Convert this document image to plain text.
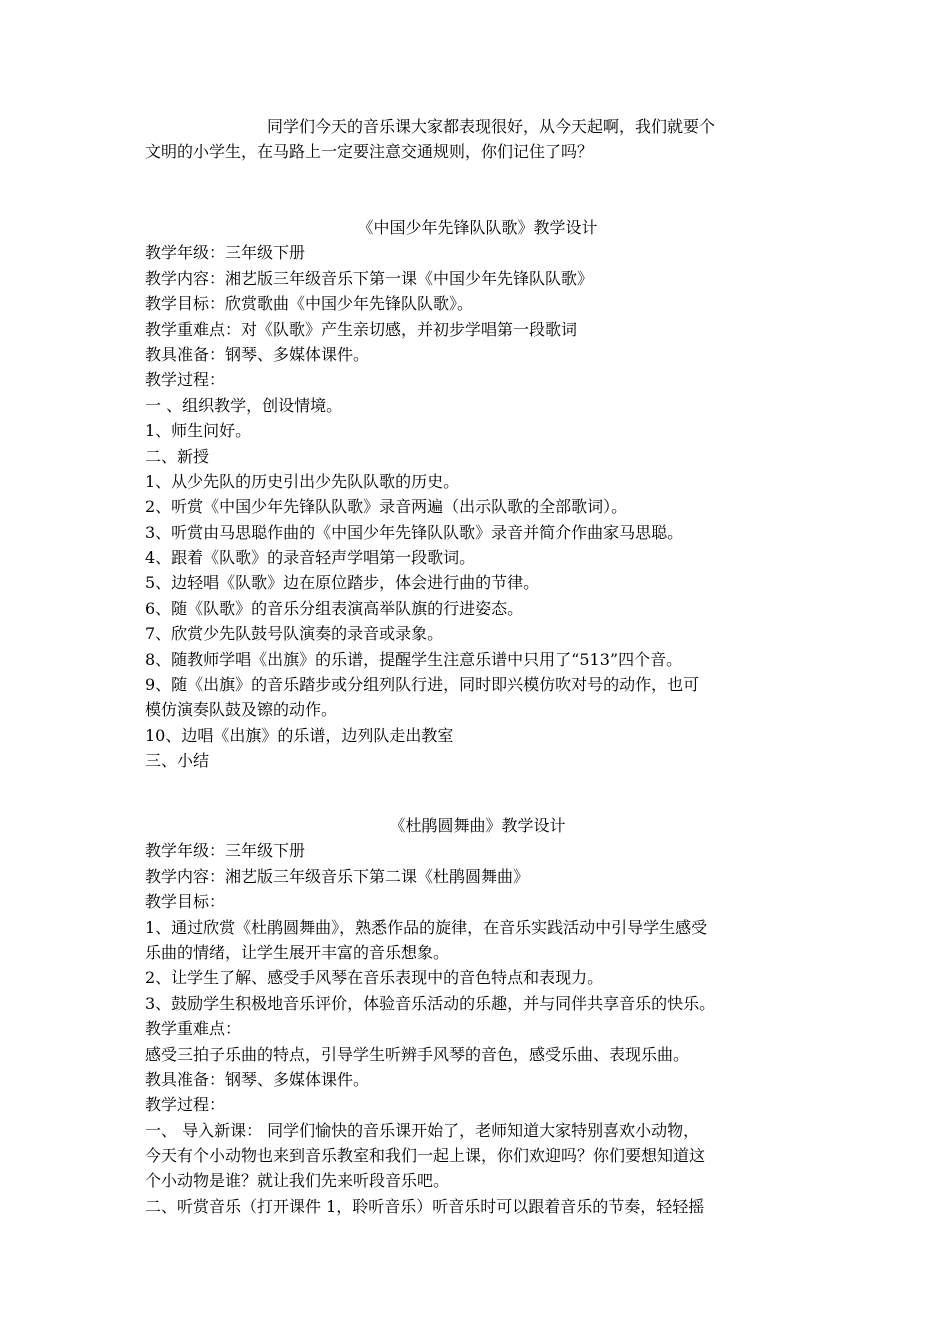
同学们今天的音乐课大家都表现很好，从今天起啊，我们就要个
文明的小学生，在马路上一定要注意交通规则，你们记住了吗？
《中国少年先锋队队歌》教学设计
教学年级：三年级下册
教学内容：湘艺版三年级音乐下第一课《中国少年先锋队队歌》
教学目标：欣赏歌曲《中国少年先锋队队歌》。
教学重难点：对《队歌》产生亲切感，并初步学唱第一段歌词
教具准备：钢琴、多媒体课件。
教学过程：
一 、组织教学，创设情境。
1、师生问好。
二、新授
1、从少先队的历史引出少先队队歌的历史。
2、听赏《中国少年先锋队队歌》录音两遍（出示队歌的全部歌词）。
3、听赏由马思聪作曲的《中国少年先锋队队歌》录音并简介作曲家马思聪。
4、跟着《队歌》的录音轻声学唱第一段歌词。
5、边轻唱《队歌》边在原位踏步，体会进行曲的节律。
6、随《队歌》的音乐分组表演高举队旗的行进姿态。
7、欣赏少先队鼓号队演奏的录音或录象。
8、随教师学唱《出旗》的乐谱，提醒学生注意乐谱中只用了“513”四个音。
9、随《出旗》的音乐踏步或分组列队行进，同时即兴模仿吹对号的动作，也可
模仿演奏队鼓及镲的动作。
10、边唱《出旗》的乐谱，边列队走出教室
三、小结
《杜鹃圆舞曲》教学设计
教学年级：三年级下册
教学内容：湘艺版三年级音乐下第二课《杜鹃圆舞曲》
教学目标：
1、通过欣赏《杜鹃圆舞曲》，熟悉作品的旋律，在音乐实践活动中引导学生感受
乐曲的情绪，让学生展开丰富的音乐想象。
2、让学生了解、感受手风琴在音乐表现中的音色特点和表现力。
3、鼓励学生积极地音乐评价，体验音乐活动的乐趣，并与同伴共享音乐的快乐。
教学重难点：
感受三拍子乐曲的特点，引导学生听辨手风琴的音色，感受乐曲、表现乐曲。
教具准备：钢琴、多媒体课件。
教学过程：
一、 导入新课： 同学们愉快的音乐课开始了，老师知道大家特别喜欢小动物，
今天有个小动物也来到音乐教室和我们一起上课，你们欢迎吗？你们要想知道这
个小动物是谁？就让我们先来听段音乐吧。
二、听赏音乐（打开课件 1，聆听音乐）听音乐时可以跟着音乐的节奏，轻轻摇
